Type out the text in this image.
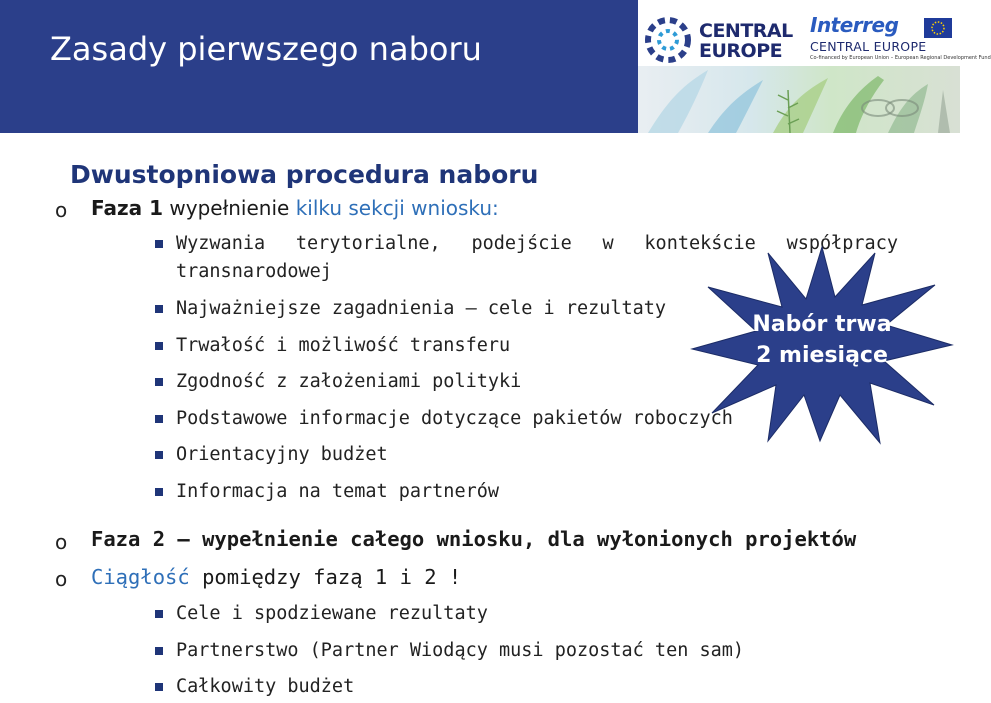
Zasady pierwszego naboru	CENTRAL
EUROPE
Interreg
CENTRAL EUROPE
Co-financed by European Union – European Regional Development Fund
Dwustopniowa procedura naboru
o Faza 1 wypełnienie kilku sekcji wniosku:
Wyzwania terytorialne, podejście w kontekście współpracy
transnarodowej
Najważniejsze zagadnienia – cele i rezultaty
Trwałość i możliwość transferu
Zgodność z założeniami polityki
Podstawowe informacje dotyczące pakietów roboczych
Orientacyjny budżet
Informacja na temat partnerów
o Faza 2 – wypełnienie całego wniosku, dla wyłonionych projektów
o Ciągłość pomiędzy fazą 1 i 2 !
Cele i spodziewane rezultaty
Partnerstwo (Partner Wiodący musi pozostać ten sam)
Całkowity budżet
Nabór trwa
2 miesiące
